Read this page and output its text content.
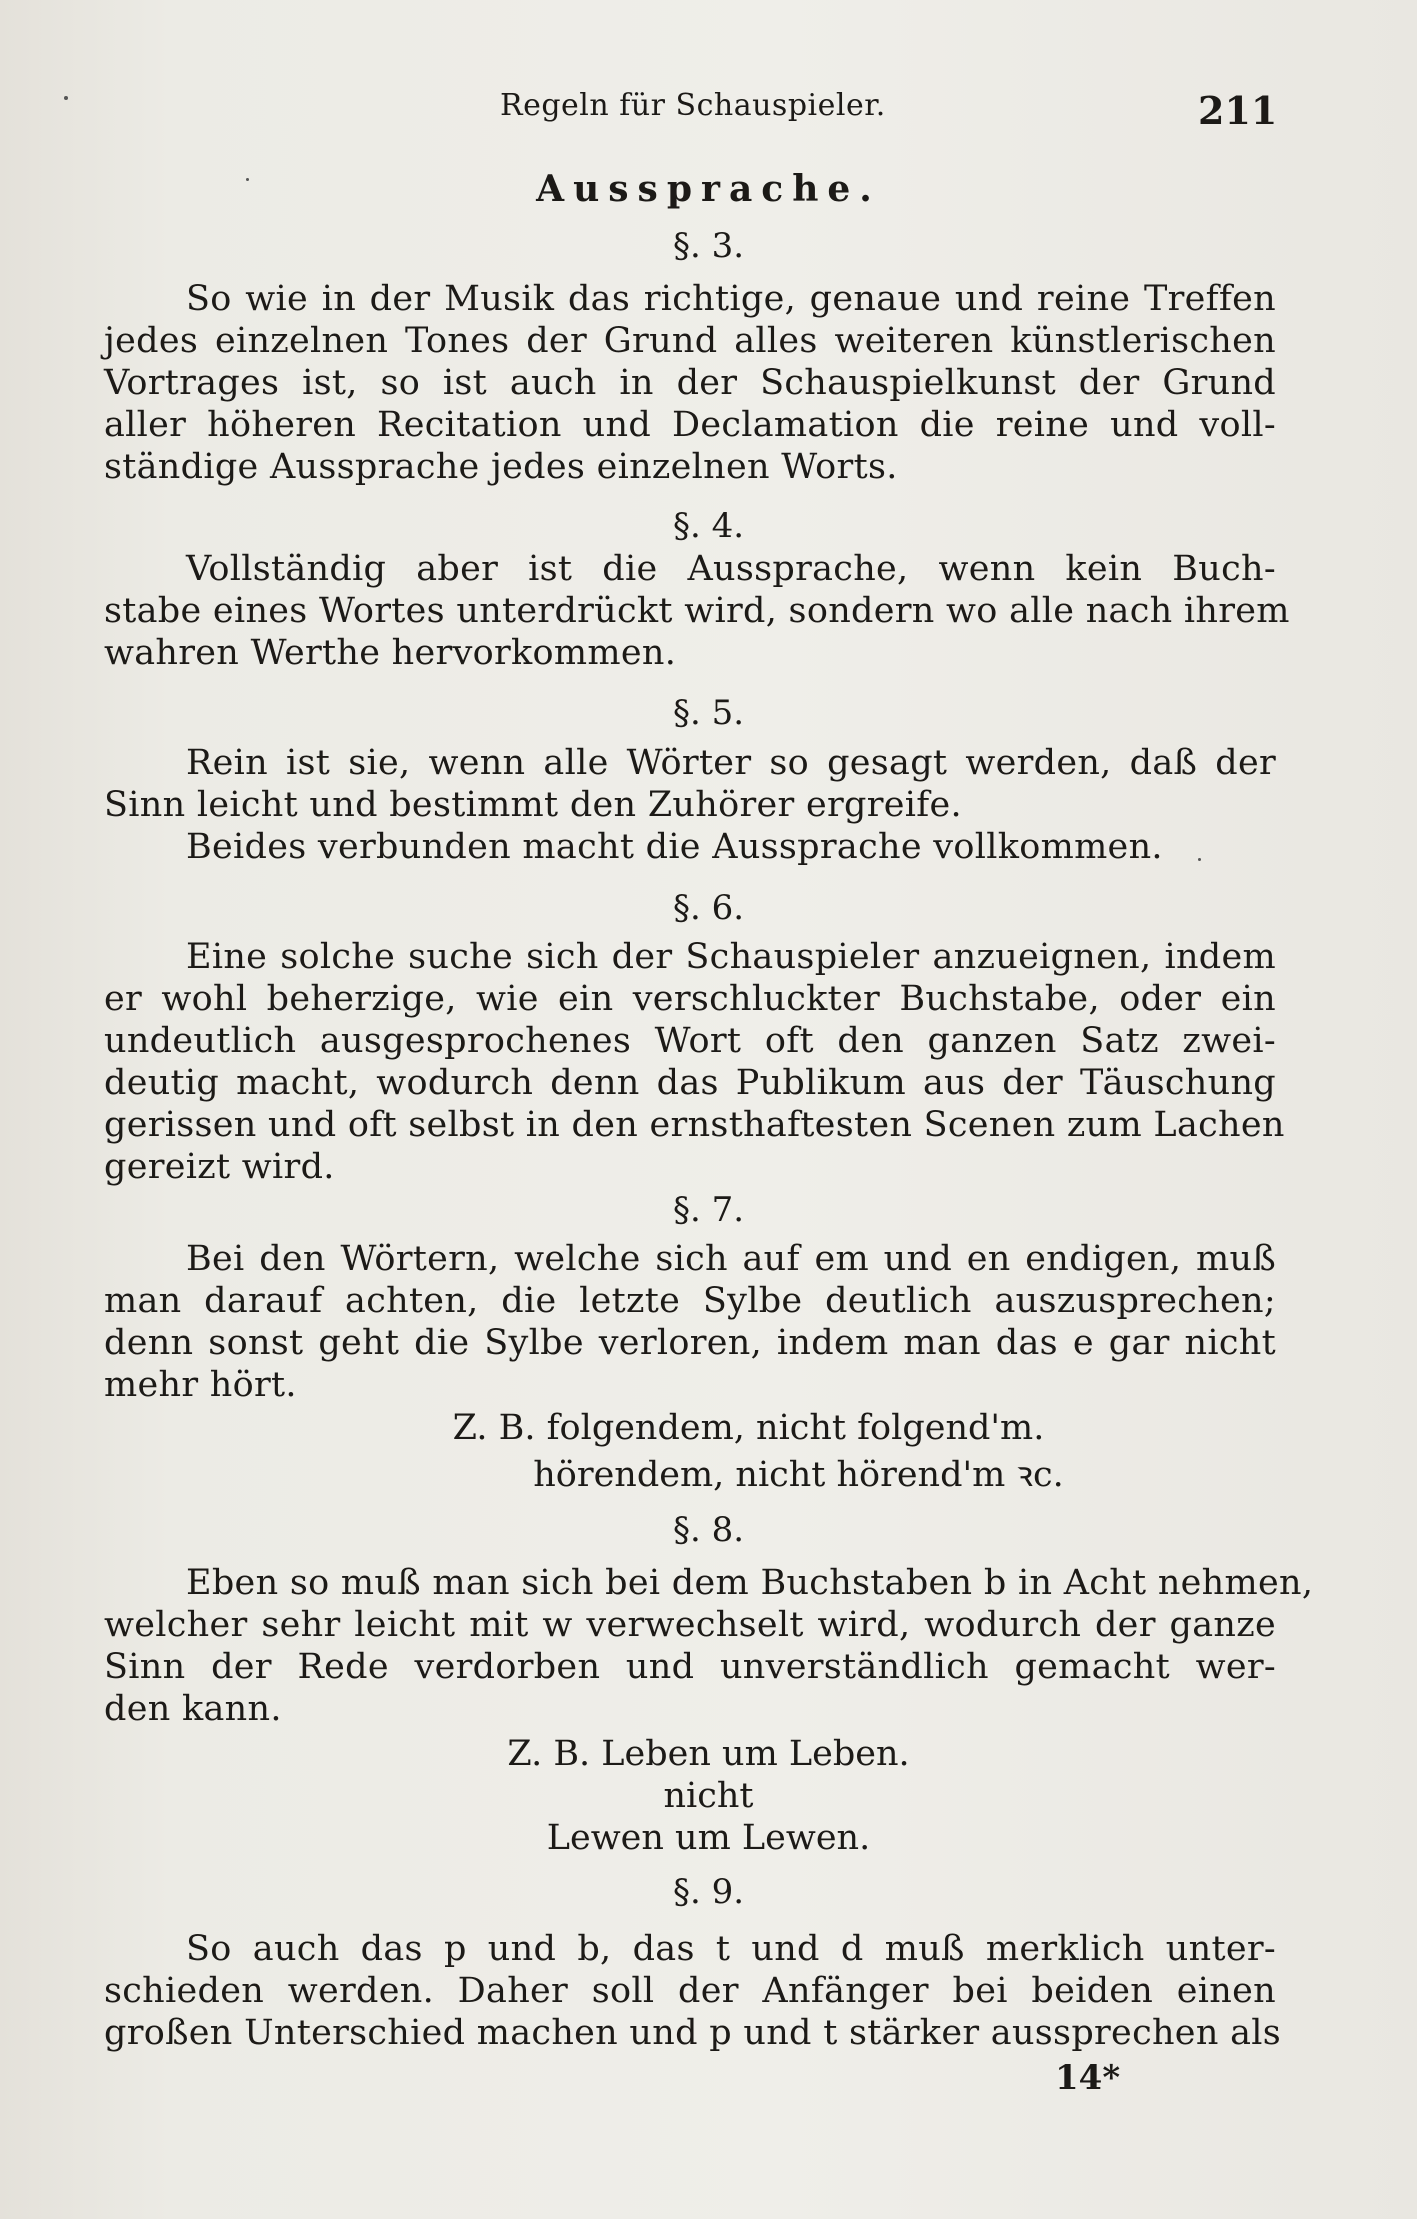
Regeln für Schauspieler.	211
Aussprache.
§. 3.
So wie in der Musik das richtige, genaue und reine Treffen
jedes einzelnen Tones der Grund alles weiteren künstlerischen
Vortrages ist, so ist auch in der Schauspielkunst der Grund
aller höheren Recitation und Declamation die reine und voll-
ständige Aussprache jedes einzelnen Worts.
§. 4.
Vollständig aber ist die Aussprache, wenn kein Buch-
stabe eines Wortes unterdrückt wird, sondern wo alle nach ihrem
wahren Werthe hervorkommen.
§. 5.
Rein ist sie, wenn alle Wörter so gesagt werden, daß der
Sinn leicht und bestimmt den Zuhörer ergreife.
Beides verbunden macht die Aussprache vollkommen.
§. 6.
Eine solche suche sich der Schauspieler anzueignen, indem
er wohl beherzige, wie ein verschluckter Buchstabe, oder ein
undeutlich ausgesprochenes Wort oft den ganzen Satz zwei-
deutig macht, wodurch denn das Publikum aus der Täuschung
gerissen und oft selbst in den ernsthaftesten Scenen zum Lachen
gereizt wird.
§. 7.
Bei den Wörtern, welche sich auf em und en endigen, muß
man darauf achten, die letzte Sylbe deutlich auszusprechen;
denn sonst geht die Sylbe verloren, indem man das e gar nicht
mehr hört.
Z. B. folgendem, nicht folgend'm.
hörendem, nicht hörend'm ꝛc.
§. 8.
Eben so muß man sich bei dem Buchstaben b in Acht nehmen,
welcher sehr leicht mit w verwechselt wird, wodurch der ganze
Sinn der Rede verdorben und unverständlich gemacht wer-
den kann.
Z. B. Leben um Leben.
nicht
Lewen um Lewen.
§. 9.
So auch das p und b, das t und d muß merklich unter-
schieden werden. Daher soll der Anfänger bei beiden einen
großen Unterschied machen und p und t stärker aussprechen als
14*
